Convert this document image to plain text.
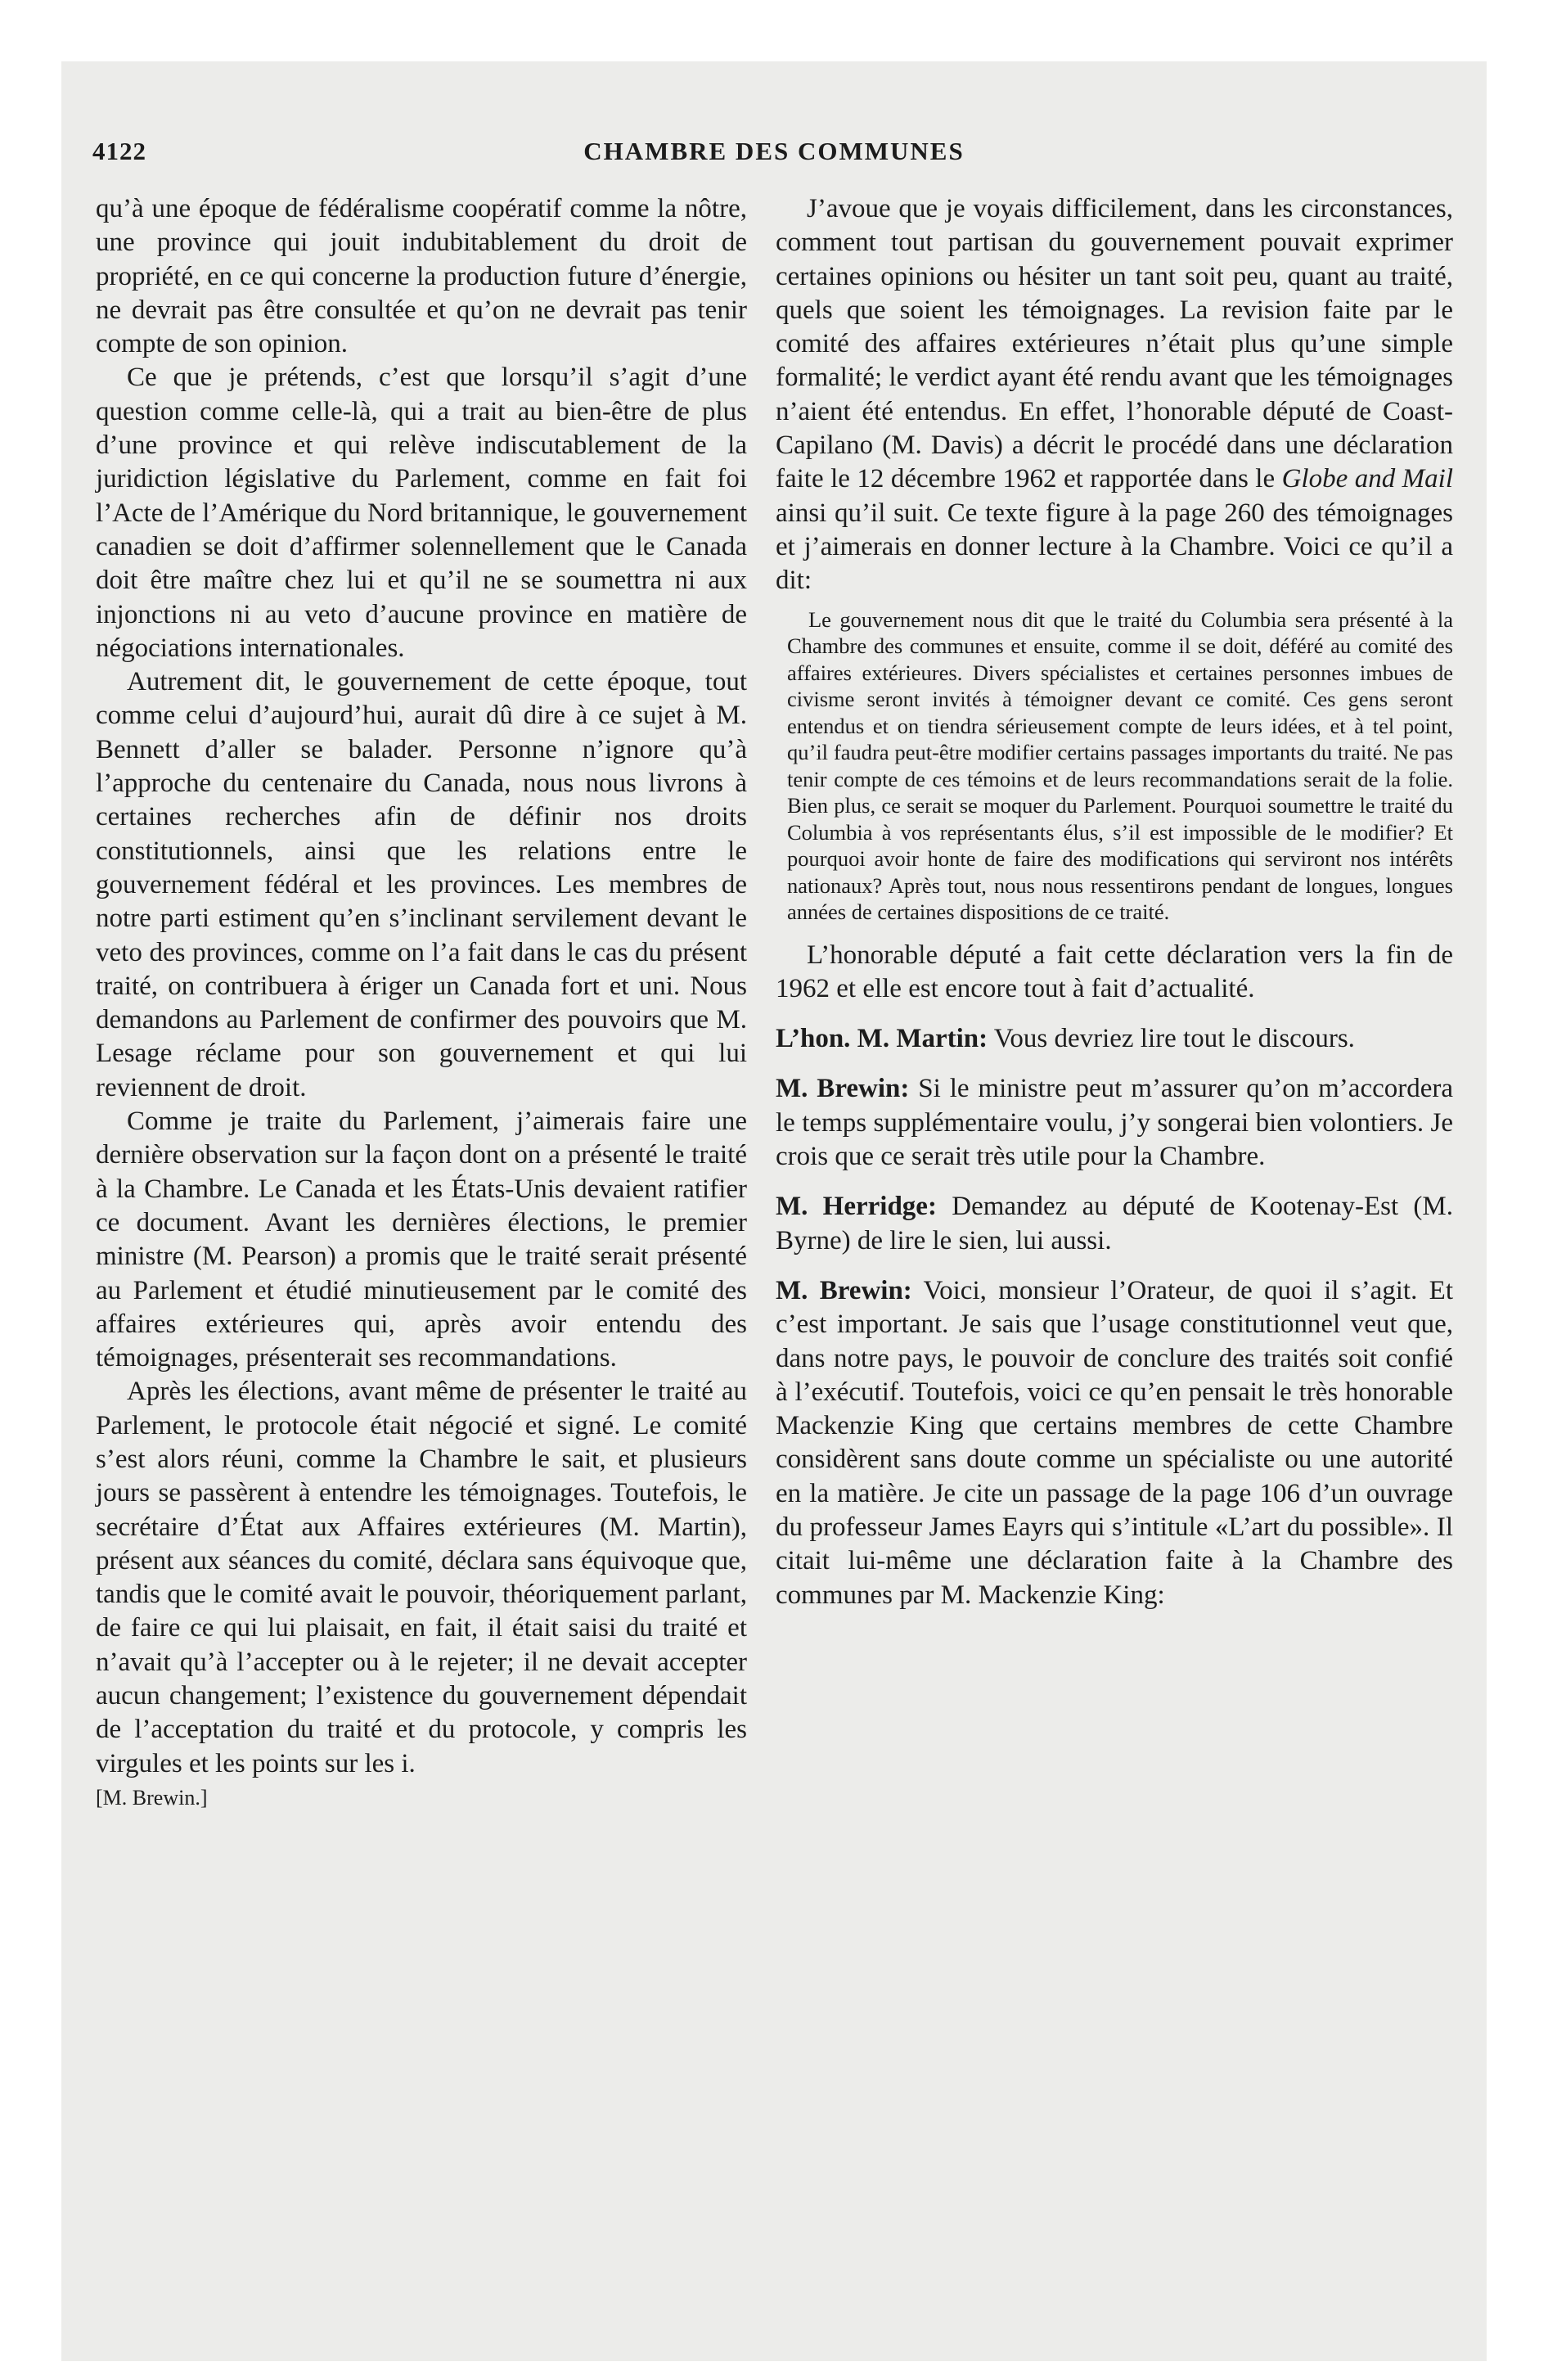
4122	CHAMBRE DES COMMUNES

qu’à une époque de fédéralisme coopératif comme la nôtre, une province qui jouit indubitablement du droit de propriété, en ce qui concerne la production future d’énergie, ne devrait pas être consultée et qu’on ne devrait pas tenir compte de son opinion.

Ce que je prétends, c’est que lorsqu’il s’agit d’une question comme celle-là, qui a trait au bien-être de plus d’une province et qui relève indiscutablement de la juridiction législative du Parlement, comme en fait foi l’Acte de l’Amérique du Nord britannique, le gouvernement canadien se doit d’affirmer solennellement que le Canada doit être maître chez lui et qu’il ne se soumettra ni aux injonctions ni au veto d’aucune province en matière de négociations internationales.

Autrement dit, le gouvernement de cette époque, tout comme celui d’aujourd’hui, aurait dû dire à ce sujet à M. Bennett d’aller se balader. Personne n’ignore qu’à l’approche du centenaire du Canada, nous nous livrons à certaines recherches afin de définir nos droits constitutionnels, ainsi que les relations entre le gouvernement fédéral et les provinces. Les membres de notre parti estiment qu’en s’inclinant servilement devant le veto des provinces, comme on l’a fait dans le cas du présent traité, on contribuera à ériger un Canada fort et uni. Nous demandons au Parlement de confirmer des pouvoirs que M. Lesage réclame pour son gouvernement et qui lui reviennent de droit.

Comme je traite du Parlement, j’aimerais faire une dernière observation sur la façon dont on a présenté le traité à la Chambre. Le Canada et les États-Unis devaient ratifier ce document. Avant les dernières élections, le premier ministre (M. Pearson) a promis que le traité serait présenté au Parlement et étudié minutieusement par le comité des affaires extérieures qui, après avoir entendu des témoignages, présenterait ses recommandations.

Après les élections, avant même de présenter le traité au Parlement, le protocole était négocié et signé. Le comité s’est alors réuni, comme la Chambre le sait, et plusieurs jours se passèrent à entendre les témoignages. Toutefois, le secrétaire d’État aux Affaires extérieures (M. Martin), présent aux séances du comité, déclara sans équivoque que, tandis que le comité avait le pouvoir, théoriquement parlant, de faire ce qui lui plaisait, en fait, il était saisi du traité et n’avait qu’à l’accepter ou à le rejeter; il ne devait accepter aucun changement; l’existence du gouvernement dépendait de l’acceptation du traité et du protocole, y compris les virgules et les points sur les i.

[M. Brewin.]

J’avoue que je voyais difficilement, dans les circonstances, comment tout partisan du gouvernement pouvait exprimer certaines opinions ou hésiter un tant soit peu, quant au traité, quels que soient les témoignages. La revision faite par le comité des affaires extérieures n’était plus qu’une simple formalité; le verdict ayant été rendu avant que les témoignages n’aient été entendus. En effet, l’honorable député de Coast-Capilano (M. Davis) a décrit le procédé dans une déclaration faite le 12 décembre 1962 et rapportée dans le Globe and Mail ainsi qu’il suit. Ce texte figure à la page 260 des témoignages et j’aimerais en donner lecture à la Chambre. Voici ce qu’il a dit:

Le gouvernement nous dit que le traité du Columbia sera présenté à la Chambre des communes et ensuite, comme il se doit, déféré au comité des affaires extérieures. Divers spécialistes et certaines personnes imbues de civisme seront invités à témoigner devant ce comité. Ces gens seront entendus et on tiendra sérieusement compte de leurs idées, et à tel point, qu’il faudra peut-être modifier certains passages importants du traité. Ne pas tenir compte de ces témoins et de leurs recommandations serait de la folie. Bien plus, ce serait se moquer du Parlement. Pourquoi soumettre le traité du Columbia à vos représentants élus, s’il est impossible de le modifier? Et pourquoi avoir honte de faire des modifications qui serviront nos intérêts nationaux? Après tout, nous nous ressentirons pendant de longues, longues années de certaines dispositions de ce traité.

L’honorable député a fait cette déclaration vers la fin de 1962 et elle est encore tout à fait d’actualité.

L’hon. M. Martin: Vous devriez lire tout le discours.

M. Brewin: Si le ministre peut m’assurer qu’on m’accordera le temps supplémentaire voulu, j’y songerai bien volontiers. Je crois que ce serait très utile pour la Chambre.

M. Herridge: Demandez au député de Kootenay-Est (M. Byrne) de lire le sien, lui aussi.

M. Brewin: Voici, monsieur l’Orateur, de quoi il s’agit. Et c’est important. Je sais que l’usage constitutionnel veut que, dans notre pays, le pouvoir de conclure des traités soit confié à l’exécutif. Toutefois, voici ce qu’en pensait le très honorable Mackenzie King que certains membres de cette Chambre considèrent sans doute comme un spécialiste ou une autorité en la matière. Je cite un passage de la page 106 d’un ouvrage du professeur James Eayrs qui s’intitule «L’art du possible». Il citait lui-même une déclaration faite à la Chambre des communes par M. Mackenzie King:
